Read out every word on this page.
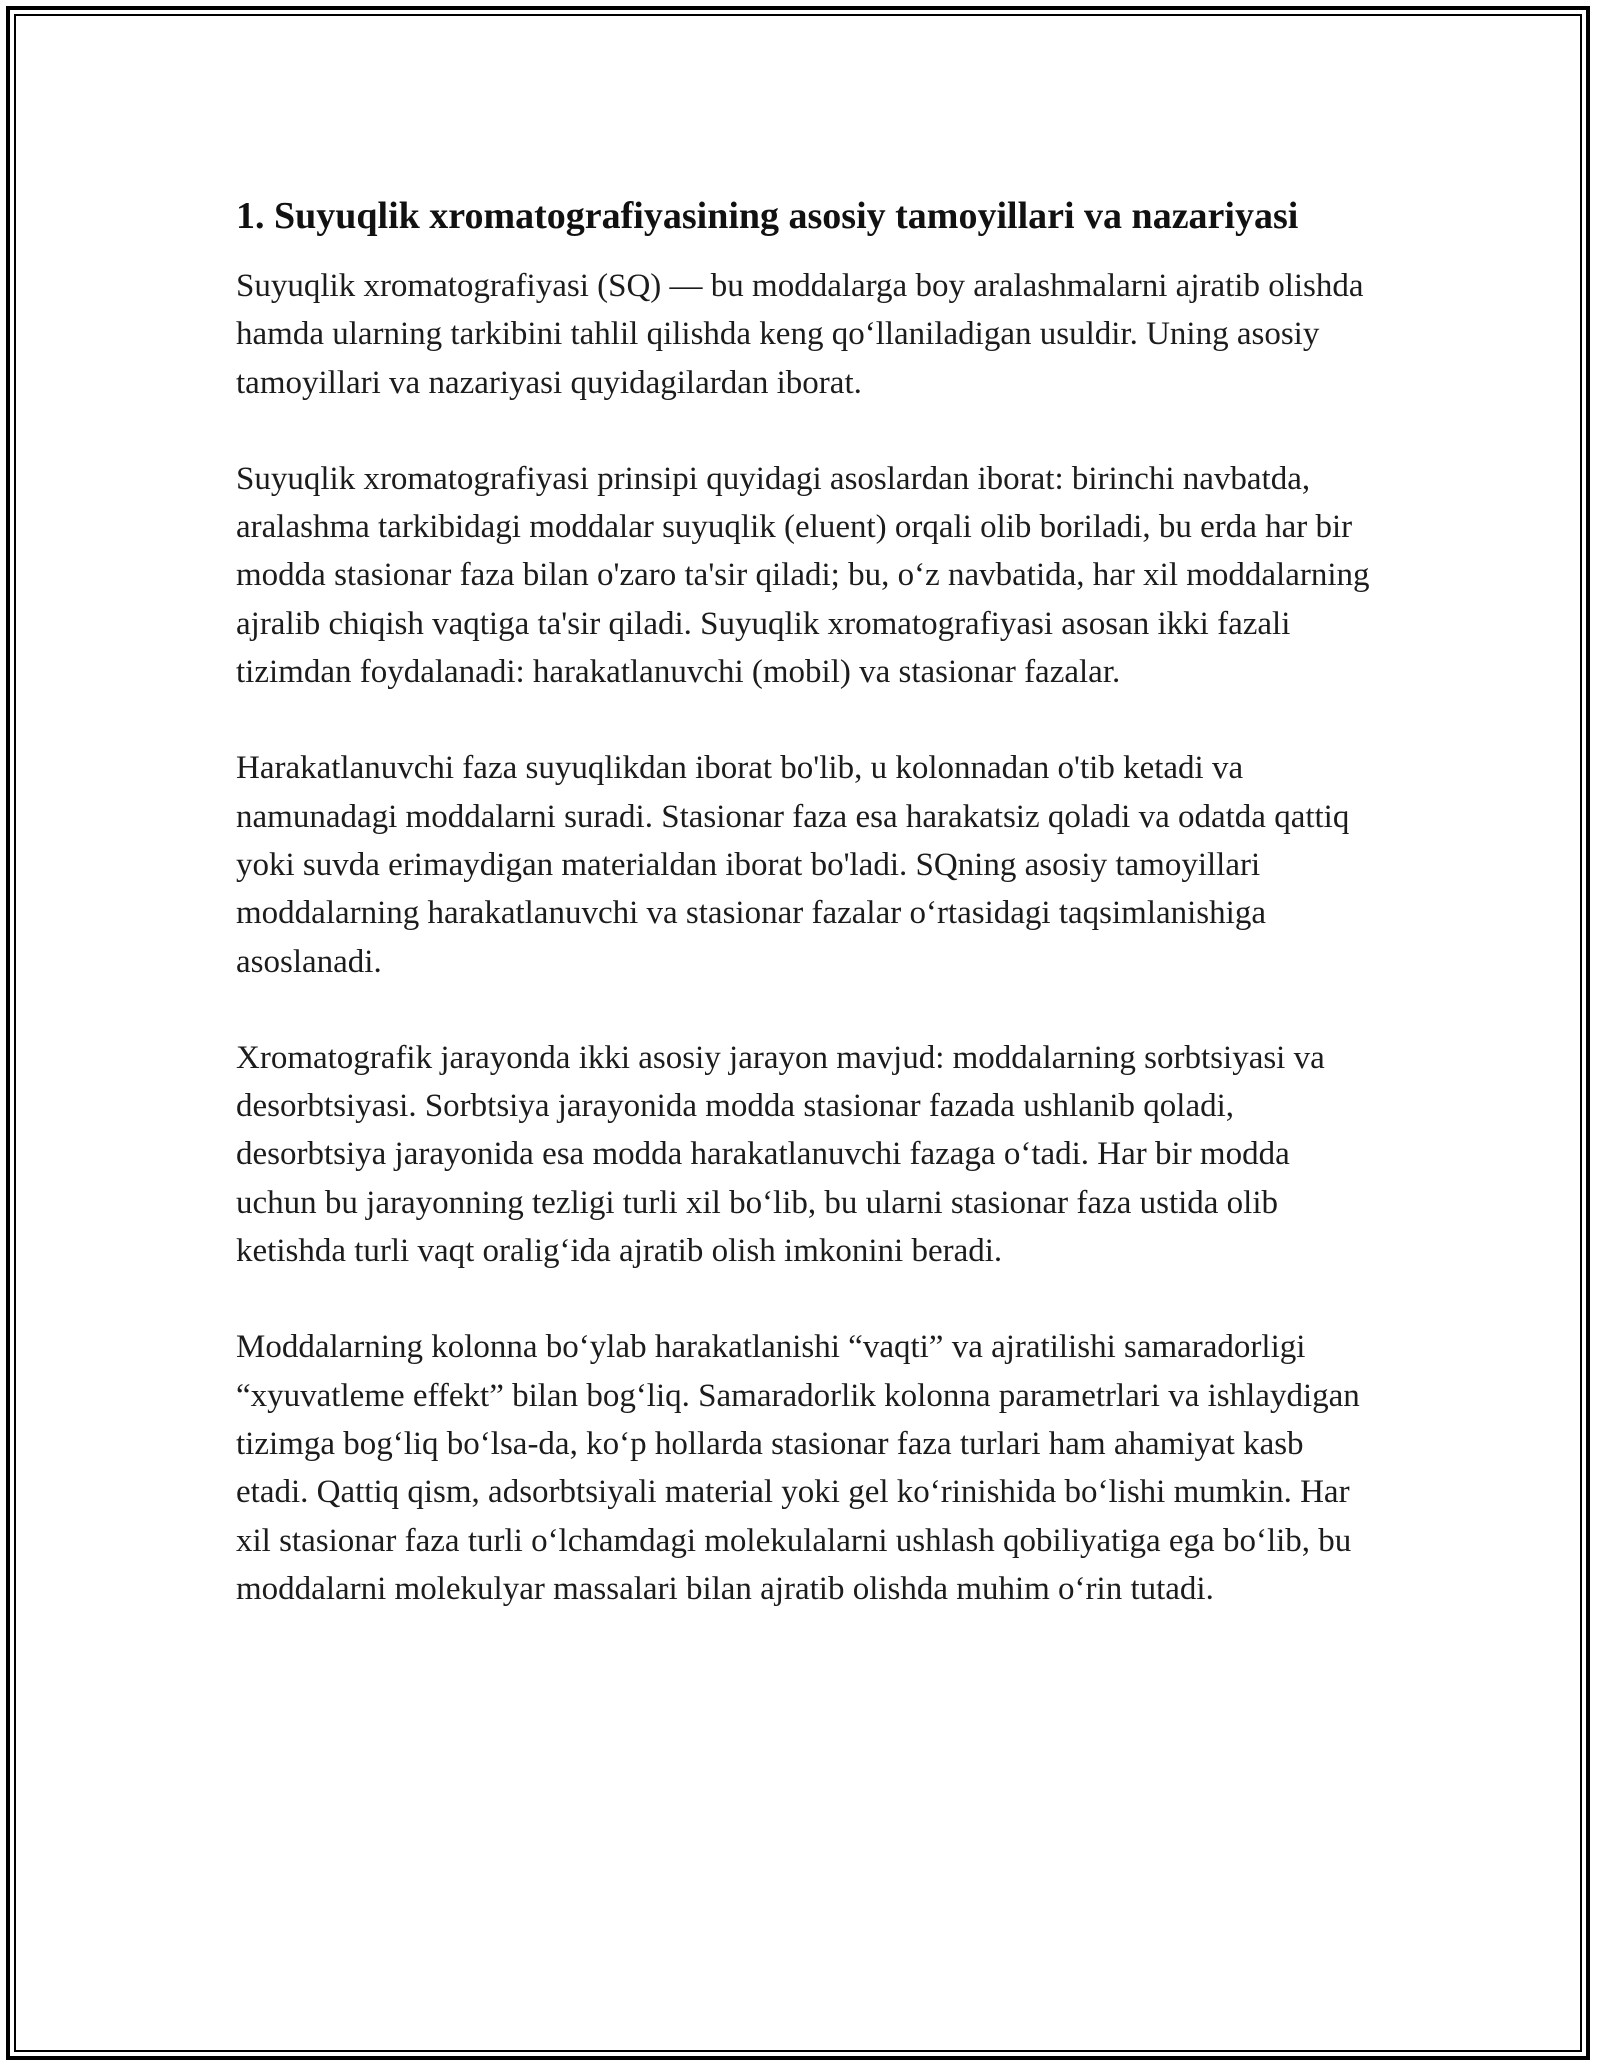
1. Suyuqlik xromatografiyasining asosiy tamoyillari va nazariyasi

Suyuqlik xromatografiyasi (SQ) — bu moddalarga boy aralashmalarni ajratib olishda hamda ularning tarkibini tahlil qilishda keng qoʻllaniladigan usuldir. Uning asosiy tamoyillari va nazariyasi quyidagilardan iborat.

Suyuqlik xromatografiyasi prinsipi quyidagi asoslardan iborat: birinchi navbatda, aralashma tarkibidagi moddalar suyuqlik (eluent) orqali olib boriladi, bu erda har bir modda stasionar faza bilan o'zaro ta'sir qiladi; bu, oʻz navbatida, har xil moddalarning ajralib chiqish vaqtiga ta'sir qiladi. Suyuqlik xromatografiyasi asosan ikki fazali tizimdan foydalanadi: harakatlanuvchi (mobil) va stasionar fazalar.

Harakatlanuvchi faza suyuqlikdan iborat bo'lib, u kolonnadan o'tib ketadi va namunadagi moddalarni suradi. Stasionar faza esa harakatsiz qoladi va odatda qattiq yoki suvda erimaydigan materialdan iborat bo'ladi. SQning asosiy tamoyillari moddalarning harakatlanuvchi va stasionar fazalar oʻrtasidagi taqsimlanishiga asoslanadi.

Xromatografik jarayonda ikki asosiy jarayon mavjud: moddalarning sorbtsiyasi va desorbtsiyasi. Sorbtsiya jarayonida modda stasionar fazada ushlanib qoladi, desorbtsiya jarayonida esa modda harakatlanuvchi fazaga oʻtadi. Har bir modda uchun bu jarayonning tezligi turli xil boʻlib, bu ularni stasionar faza ustida olib ketishda turli vaqt oraligʻida ajratib olish imkonini beradi.

Moddalarning kolonna boʻylab harakatlanishi “vaqti” va ajratilishi samaradorligi “xyuvatleme effekt” bilan bogʻliq. Samaradorlik kolonna parametrlari va ishlaydigan tizimga bogʻliq boʻlsa-da, koʻp hollarda stasionar faza turlari ham ahamiyat kasb etadi. Qattiq qism, adsorbtsiyali material yoki gel koʻrinishida boʻlishi mumkin. Har xil stasionar faza turli oʻlchamdagi molekulalarni ushlash qobiliyatiga ega boʻlib, bu moddalarni molekulyar massalari bilan ajratib olishda muhim oʻrin tutadi.
